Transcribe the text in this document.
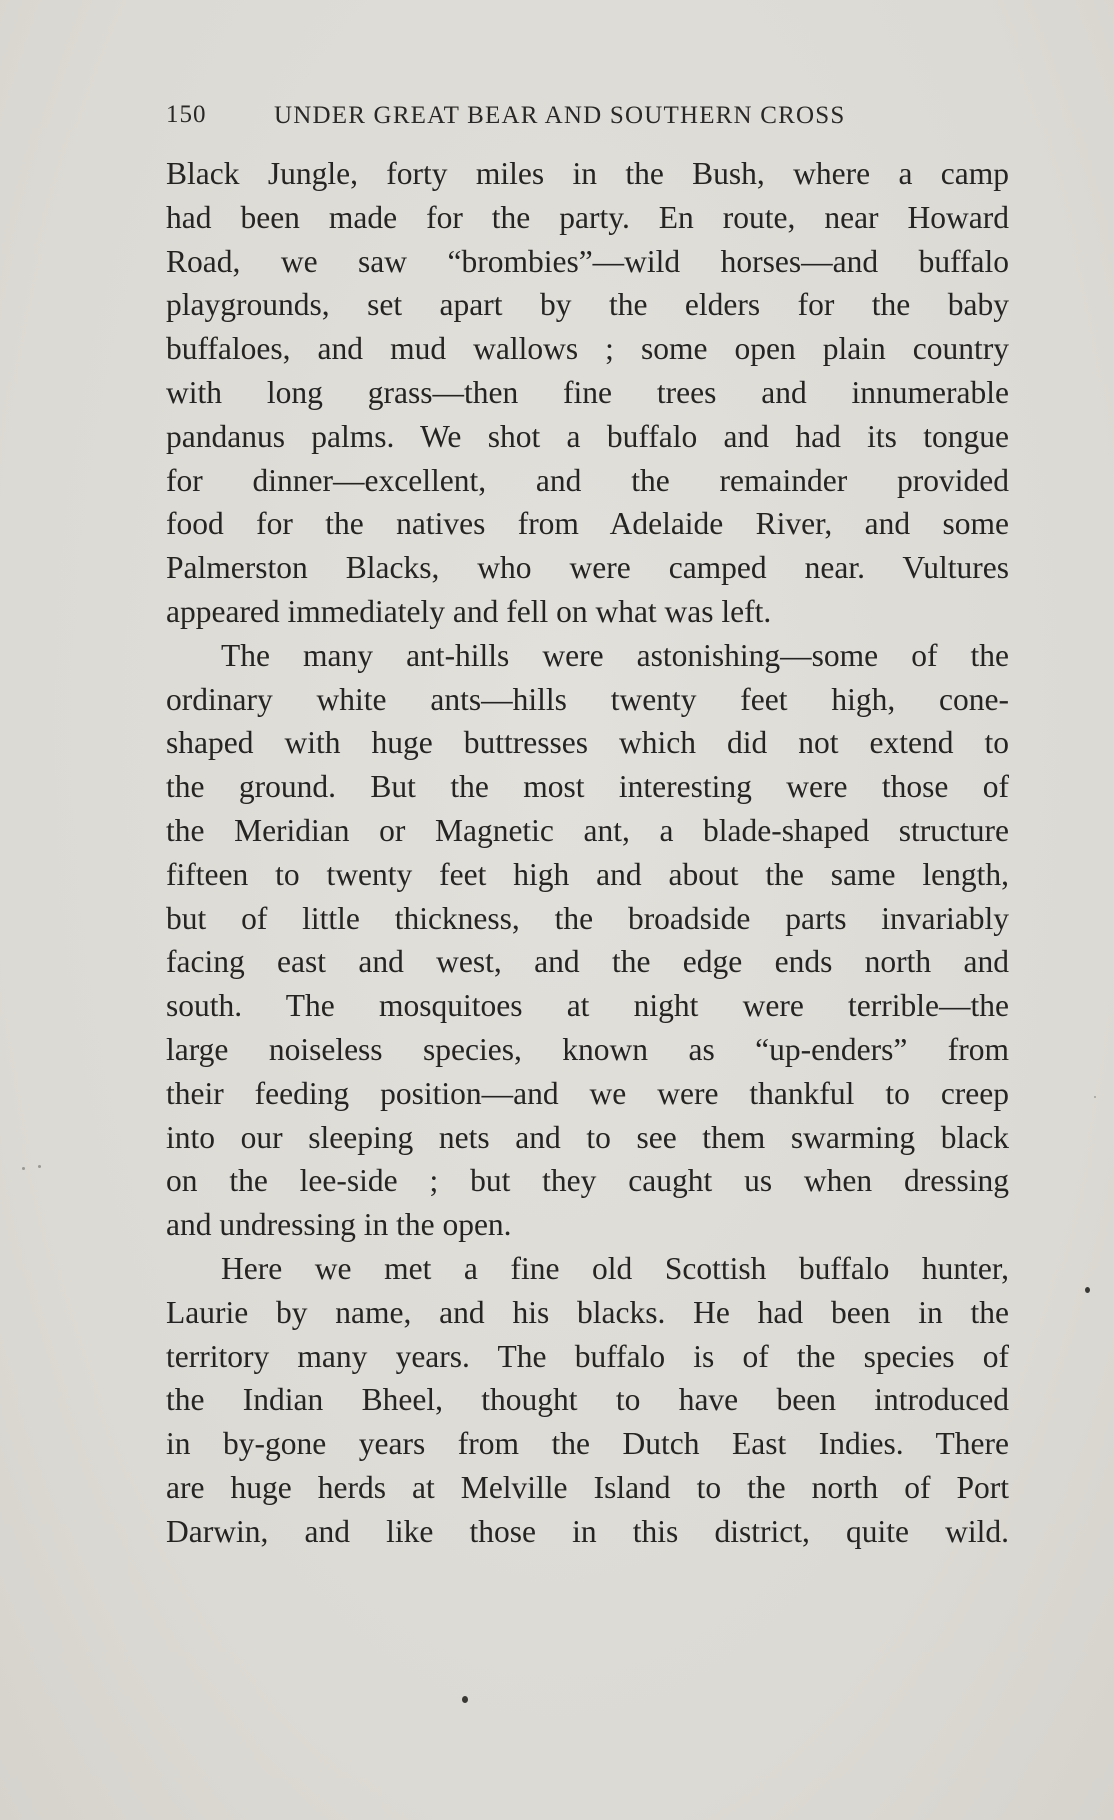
150	UNDER GREAT BEAR AND SOUTHERN CROSS
Black Jungle, forty miles in the Bush, where a camp
had been made for the party. En route, near Howard
Road, we saw “brombies”—wild horses—and buffalo
playgrounds, set apart by the elders for the baby
buffaloes, and mud wallows ; some open plain country
with long grass—then fine trees and innumerable
pandanus palms. We shot a buffalo and had its tongue
for dinner—excellent, and the remainder provided
food for the natives from Adelaide River, and some
Palmerston Blacks, who were camped near. Vultures
appeared immediately and fell on what was left.
The many ant-hills were astonishing—some of the
ordinary white ants—hills twenty feet high, cone-
shaped with huge buttresses which did not extend to
the ground. But the most interesting were those of
the Meridian or Magnetic ant, a blade-shaped structure
fifteen to twenty feet high and about the same length,
but of little thickness, the broadside parts invariably
facing east and west, and the edge ends north and
south. The mosquitoes at night were terrible—the
large noiseless species, known as “up-enders” from
their feeding position—and we were thankful to creep
into our sleeping nets and to see them swarming black
on the lee-side ; but they caught us when dressing
and undressing in the open.
Here we met a fine old Scottish buffalo hunter,
Laurie by name, and his blacks. He had been in the
territory many years. The buffalo is of the species of
the Indian Bheel, thought to have been introduced
in by-gone years from the Dutch East Indies. There
are huge herds at Melville Island to the north of Port
Darwin, and like those in this district, quite wild.
